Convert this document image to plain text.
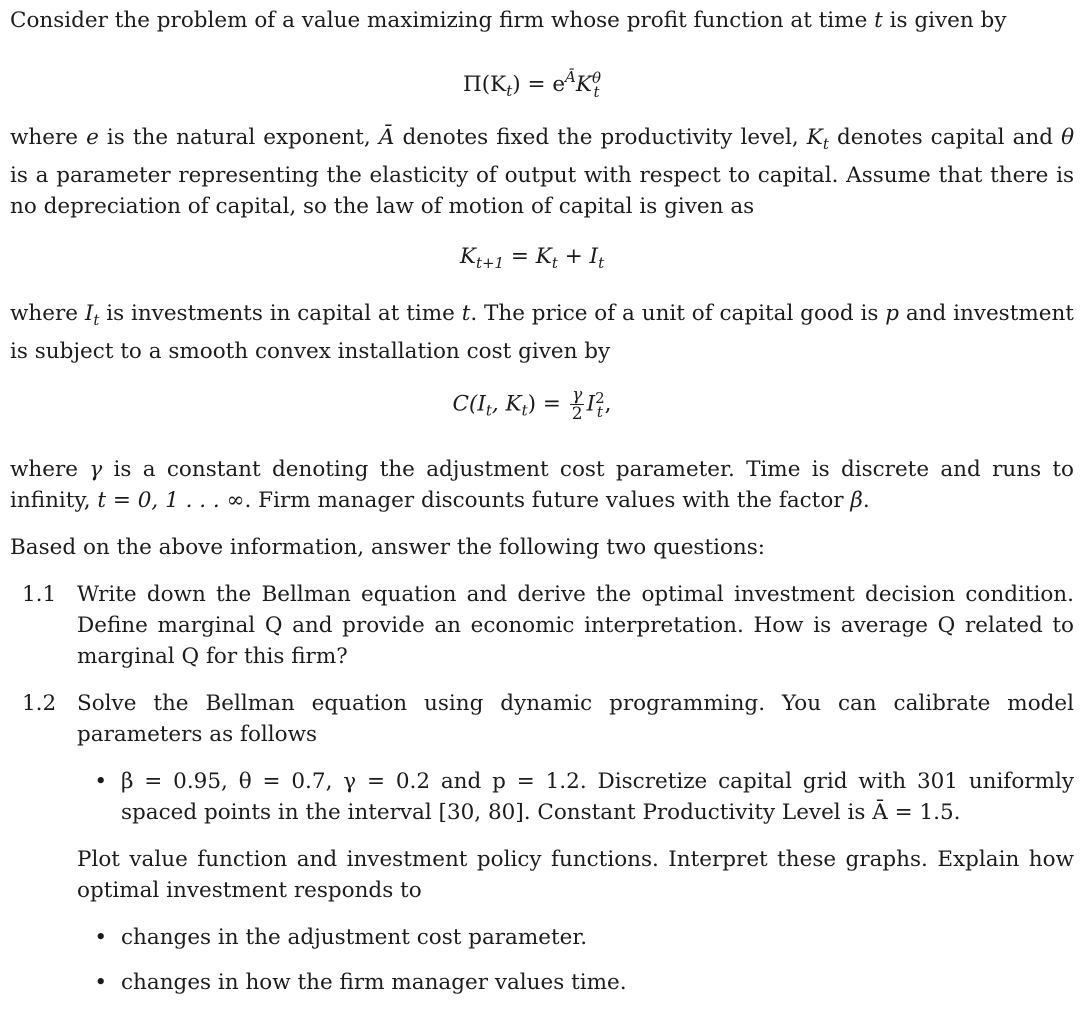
Consider the problem of a value maximizing firm whose profit function at time t is given by

$\Pi(K_t) = e^ĀK$ θ
t

where e is the natural exponent, Ā denotes fixed the productivity level, $K_t$ denotes capital and θ is a parameter representing the elasticity of output with respect to capital. Assume that there is no depreciation of capital, so the law of motion of capital is given as

$K_{t+1} = K_t + I_t$

where $I_t$ is investments in capital at time t. The price of a unit of capital good is p and investment is subject to a smooth convex installation cost given by

$C(I_t$, $K_t) = \frac{\gamma}{2}$ I 2
t ,

where γ is a constant denoting the adjustment cost parameter. Time is discrete and runs to infinity, t = 0, 1 . . . ∞. Firm manager discounts future values with the factor β.

Based on the above information, answer the following two questions:

1.1 Write down the Bellman equation and derive the optimal investment decision condition. Define marginal Q and provide an economic interpretation. How is average Q related to marginal Q for this firm?
1.2 Solve the Bellman equation using dynamic programming. You can calibrate model parameters as follows
• β = 0.95, θ = 0.7, γ = 0.2 and p = 1.2. Discretize capital grid with 301 uniformly spaced points in the interval [30, 80]. Constant Productivity Level is Ā = 1.5.
Plot value function and investment policy functions. Interpret these graphs. Explain how optimal investment responds to
• changes in the adjustment cost parameter.
• changes in how the firm manager values time.
